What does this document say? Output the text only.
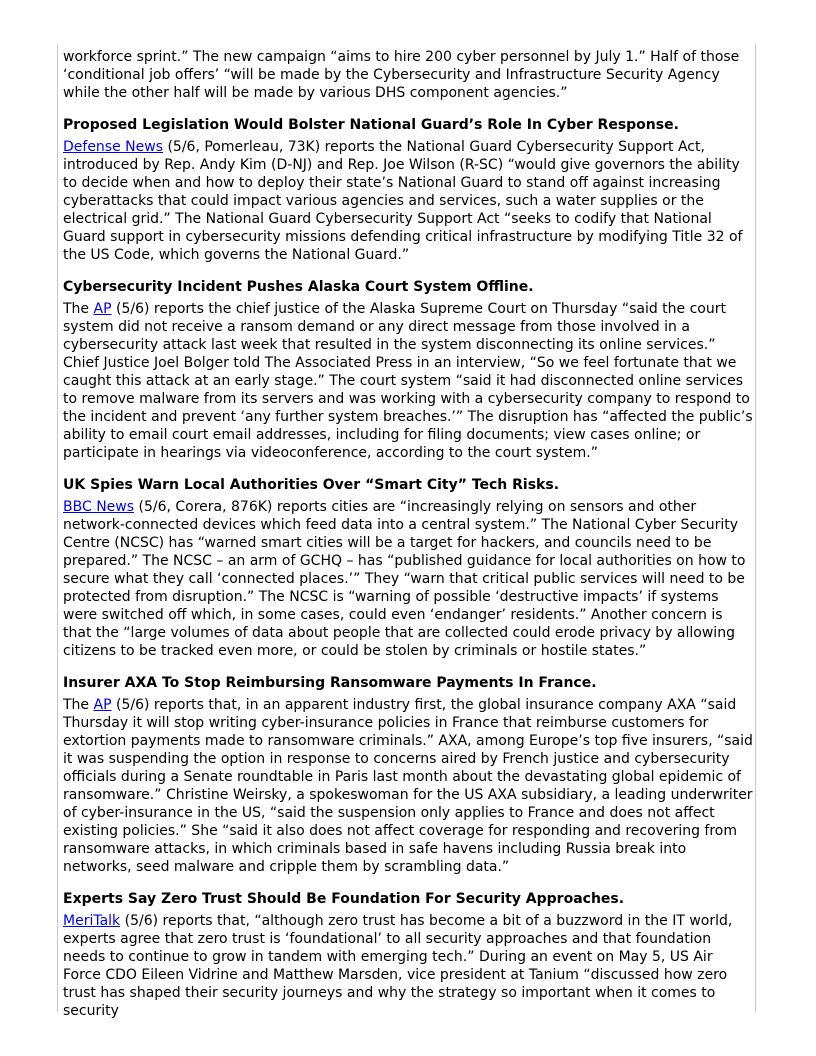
workforce sprint.” The new campaign “aims to hire 200 cyber personnel by July 1.” Half of those ‘conditional job offers’ “will be made by the Cybersecurity and Infrastructure Security Agency while the other half will be made by various DHS component agencies.”

Proposed Legislation Would Bolster National Guard’s Role In Cyber Response.

Defense News (5/6, Pomerleau, 73K) reports the National Guard Cybersecurity Support Act, introduced by Rep. Andy Kim (D-NJ) and Rep. Joe Wilson (R-SC) “would give governors the ability to decide when and how to deploy their state’s National Guard to stand off against increasing cyberattacks that could impact various agencies and services, such a water supplies or the electrical grid.” The National Guard Cybersecurity Support Act “seeks to codify that National Guard support in cybersecurity missions defending critical infrastructure by modifying Title 32 of the US Code, which governs the National Guard.”

Cybersecurity Incident Pushes Alaska Court System Offline.

The AP (5/6) reports the chief justice of the Alaska Supreme Court on Thursday “said the court system did not receive a ransom demand or any direct message from those involved in a cybersecurity attack last week that resulted in the system disconnecting its online services.” Chief Justice Joel Bolger told The Associated Press in an interview, “So we feel fortunate that we caught this attack at an early stage.” The court system “said it had disconnected online services to remove malware from its servers and was working with a cybersecurity company to respond to the incident and prevent ‘any further system breaches.’” The disruption has “affected the public’s ability to email court email addresses, including for filing documents; view cases online; or participate in hearings via videoconference, according to the court system.”

UK Spies Warn Local Authorities Over “Smart City” Tech Risks.

BBC News (5/6, Corera, 876K) reports cities are “increasingly relying on sensors and other network-connected devices which feed data into a central system.” The National Cyber Security Centre (NCSC) has “warned smart cities will be a target for hackers, and councils need to be prepared.” The NCSC – an arm of GCHQ – has “published guidance for local authorities on how to secure what they call ‘connected places.’” They “warn that critical public services will need to be protected from disruption.” The NCSC is “warning of possible ‘destructive impacts’ if systems were switched off which, in some cases, could even ‘endanger’ residents.” Another concern is that the “large volumes of data about people that are collected could erode privacy by allowing citizens to be tracked even more, or could be stolen by criminals or hostile states.”

Insurer AXA To Stop Reimbursing Ransomware Payments In France.

The AP (5/6) reports that, in an apparent industry first, the global insurance company AXA “said Thursday it will stop writing cyber-insurance policies in France that reimburse customers for extortion payments made to ransomware criminals.” AXA, among Europe’s top five insurers, “said it was suspending the option in response to concerns aired by French justice and cybersecurity officials during a Senate roundtable in Paris last month about the devastating global epidemic of ransomware.” Christine Weirsky, a spokeswoman for the US AXA subsidiary, a leading underwriter of cyber-insurance in the US, “said the suspension only applies to France and does not affect existing policies.” She “said it also does not affect coverage for responding and recovering from ransomware attacks, in which criminals based in safe havens including Russia break into networks, seed malware and cripple them by scrambling data.”

Experts Say Zero Trust Should Be Foundation For Security Approaches.

MeriTalk (5/6) reports that, “although zero trust has become a bit of a buzzword in the IT world, experts agree that zero trust is ‘foundational’ to all security approaches and that foundation needs to continue to grow in tandem with emerging tech.” During an event on May 5, US Air Force CDO Eileen Vidrine and Matthew Marsden, vice president at Tanium “discussed how zero trust has shaped their security journeys and why the strategy so important when it comes to security
